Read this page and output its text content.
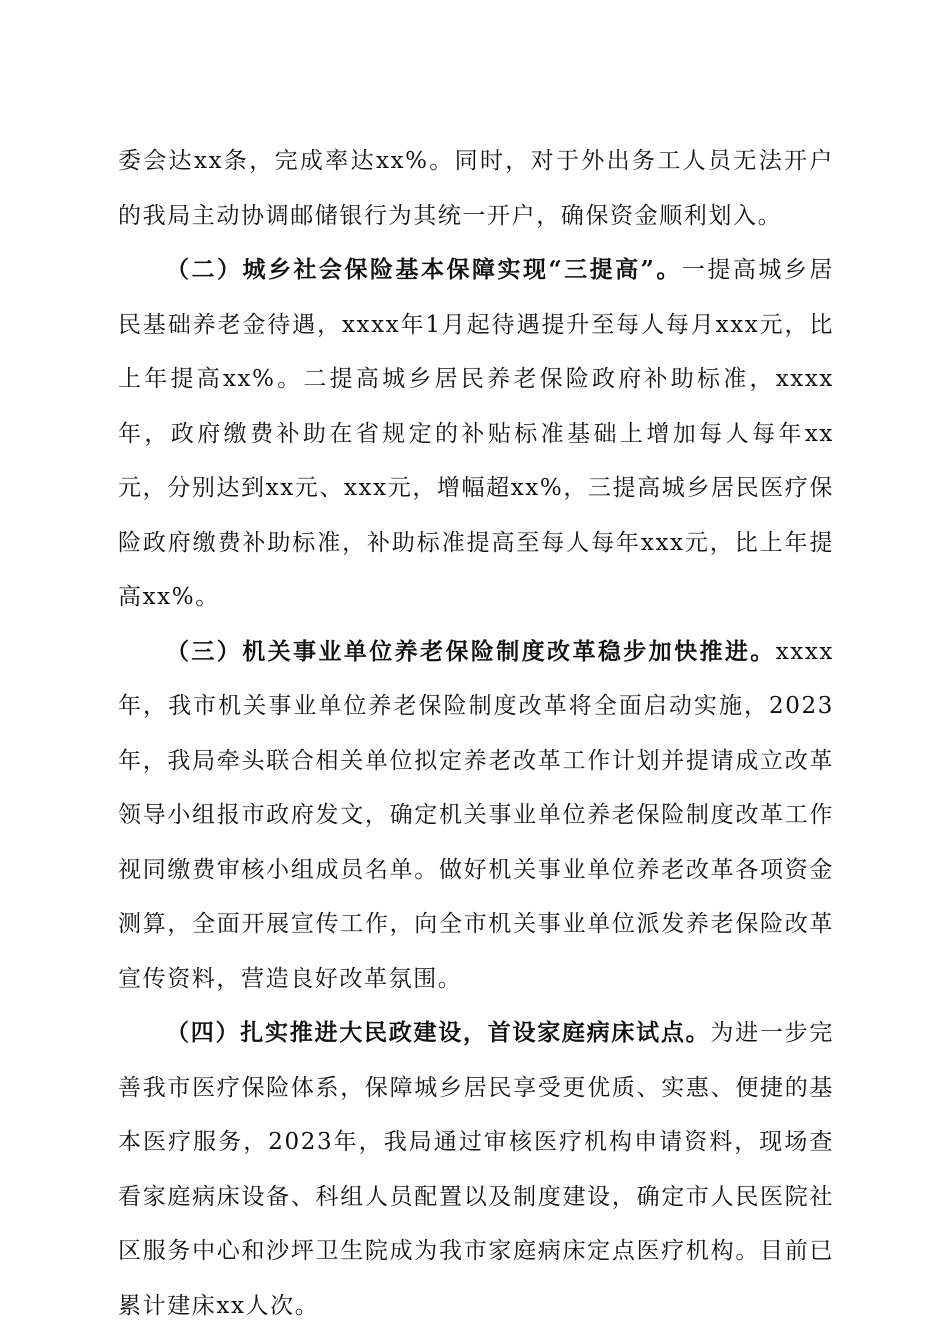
委会达xx条，完成率达xx%。同时，对于外出务工人员无法开户的我局主动协调邮储银行为其统一开户，确保资金顺利划入。

（二）城乡社会保险基本保障实现“三提高”。一提高城乡居民基础养老金待遇，xxxx年1月起待遇提升至每人每月xxx元，比上年提高xx%。二提高城乡居民养老保险政府补助标准，xxxx年，政府缴费补助在省规定的补贴标准基础上增加每人每年xx元，分别达到xx元、xxx元，增幅超xx%，三提高城乡居民医疗保险政府缴费补助标准，补助标准提高至每人每年xxx元，比上年提高xx%。

（三）机关事业单位养老保险制度改革稳步加快推进。xxxx年，我市机关事业单位养老保险制度改革将全面启动实施，2023年，我局牵头联合相关单位拟定养老改革工作计划并提请成立改革领导小组报市政府发文，确定机关事业单位养老保险制度改革工作视同缴费审核小组成员名单。做好机关事业单位养老改革各项资金测算，全面开展宣传工作，向全市机关事业单位派发养老保险改革宣传资料，营造良好改革氛围。

（四）扎实推进大民政建设，首设家庭病床试点。为进一步完善我市医疗保险体系，保障城乡居民享受更优质、实惠、便捷的基本医疗服务，2023年，我局通过审核医疗机构申请资料，现场查看家庭病床设备、科组人员配置以及制度建设，确定市人民医院社区服务中心和沙坪卫生院成为我市家庭病床定点医疗机构。目前已累计建床xx人次。
